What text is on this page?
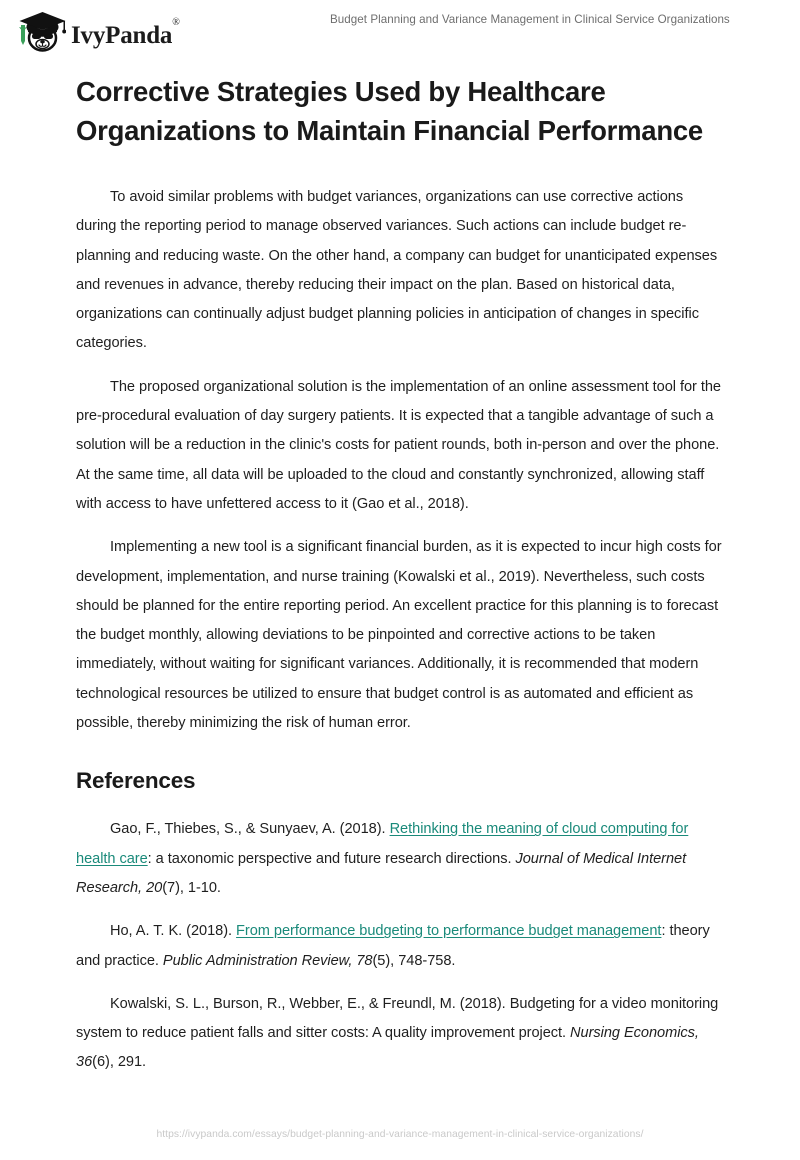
IvyPanda®	Budget Planning and Variance Management in Clinical Service Organizations
Corrective Strategies Used by Healthcare Organizations to Maintain Financial Performance

To avoid similar problems with budget variances, organizations can use corrective actions during the reporting period to manage observed variances. Such actions can include budget re-planning and reducing waste. On the other hand, a company can budget for unanticipated expenses and revenues in advance, thereby reducing their impact on the plan. Based on historical data, organizations can continually adjust budget planning policies in anticipation of changes in specific categories.

The proposed organizational solution is the implementation of an online assessment tool for the pre-procedural evaluation of day surgery patients. It is expected that a tangible advantage of such a solution will be a reduction in the clinic's costs for patient rounds, both in-person and over the phone. At the same time, all data will be uploaded to the cloud and constantly synchronized, allowing staff with access to have unfettered access to it (Gao et al., 2018).

Implementing a new tool is a significant financial burden, as it is expected to incur high costs for development, implementation, and nurse training (Kowalski et al., 2019). Nevertheless, such costs should be planned for the entire reporting period. An excellent practice for this planning is to forecast the budget monthly, allowing deviations to be pinpointed and corrective actions to be taken immediately, without waiting for significant variances. Additionally, it is recommended that modern technological resources be utilized to ensure that budget control is as automated and efficient as possible, thereby minimizing the risk of human error.

References

Gao, F., Thiebes, S., & Sunyaev, A. (2018). Rethinking the meaning of cloud computing for health care: a taxonomic perspective and future research directions. Journal of Medical Internet Research, 20(7), 1-10.

Ho, A. T. K. (2018). From performance budgeting to performance budget management: theory and practice. Public Administration Review, 78(5), 748-758.

Kowalski, S. L., Burson, R., Webber, E., & Freundl, M. (2018). Budgeting for a video monitoring system to reduce patient falls and sitter costs: A quality improvement project. Nursing Economics, 36(6), 291.

https://ivypanda.com/essays/budget-planning-and-variance-management-in-clinical-service-organizations/
